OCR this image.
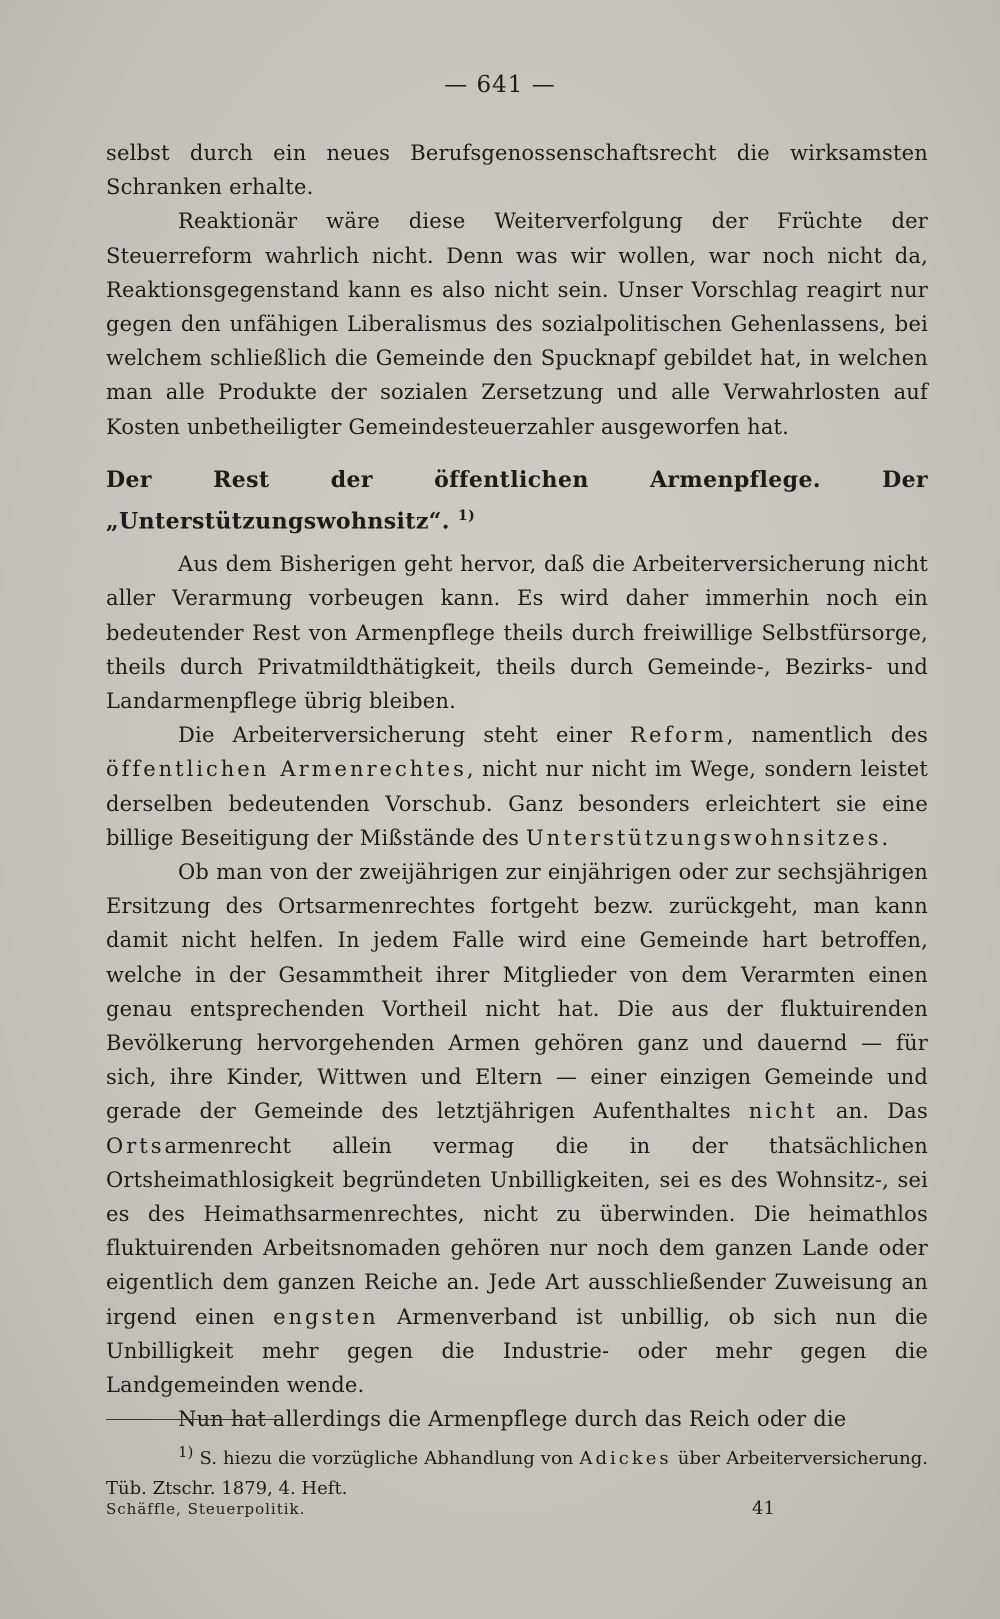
— 641 —

selbst durch ein neues Berufsgenossenschaftsrecht die wirksamsten Schranken erhalte.

Reaktionär wäre diese Weiterverfolgung der Früchte der Steuerreform wahrlich nicht. Denn was wir wollen, war noch nicht da, Reaktionsgegenstand kann es also nicht sein. Unser Vorschlag reagirt nur gegen den unfähigen Liberalismus des sozialpolitischen Gehenlassens, bei welchem schließlich die Gemeinde den Spucknapf gebildet hat, in welchen man alle Produkte der sozialen Zersetzung und alle Verwahrlosten auf Kosten unbetheiligter Gemeindesteuerzahler ausgeworfen hat.

Der Rest der öffentlichen Armenpflege. Der „Unterstützungswohnsitz“. $^{1)}$

Aus dem Bisherigen geht hervor, daß die Arbeiterversicherung nicht aller Verarmung vorbeugen kann. Es wird daher immerhin noch ein bedeutender Rest von Armenpflege theils durch freiwillige Selbstfürsorge, theils durch Privatmildthätigkeit, theils durch Gemeinde-, Bezirks- und Landarmenpflege übrig bleiben.

Die Arbeiterversicherung steht einer Reform, namentlich des öffentlichen Armenrechtes, nicht nur nicht im Wege, sondern leistet derselben bedeutenden Vorschub. Ganz besonders erleichtert sie eine billige Beseitigung der Mißstände des Unterstützungswohnsitzes.

Ob man von der zweijährigen zur einjährigen oder zur sechsjährigen Ersitzung des Ortsarmenrechtes fortgeht bezw. zurückgeht, man kann damit nicht helfen. In jedem Falle wird eine Gemeinde hart betroffen, welche in der Gesammtheit ihrer Mitglieder von dem Verarmten einen genau entsprechenden Vortheil nicht hat. Die aus der fluktuirenden Bevölkerung hervorgehenden Armen gehören ganz und dauernd — für sich, ihre Kinder, Wittwen und Eltern — einer einzigen Gemeinde und gerade der Gemeinde des letztjährigen Aufenthaltes nicht an. Das Ortsarmenrecht allein vermag die in der thatsächlichen Ortsheimathlosigkeit begründeten Unbilligkeiten, sei es des Wohnsitz-, sei es des Heimathsarmenrechtes, nicht zu überwinden. Die heimathlos fluktuirenden Arbeitsnomaden gehören nur noch dem ganzen Lande oder eigentlich dem ganzen Reiche an. Jede Art ausschließender Zuweisung an irgend einen engsten Armenverband ist unbillig, ob sich nun die Unbilligkeit mehr gegen die Industrie- oder mehr gegen die Landgemeinden wende.

Nun hat allerdings die Armenpflege durch das Reich oder die

$^{1)}$ S. hiezu die vorzügliche Abhandlung von Adickes über Arbeiterversicherung. Tüb. Ztschr. 1879, 4. Heft.

Schäffle, Steuerpolitik.	41
